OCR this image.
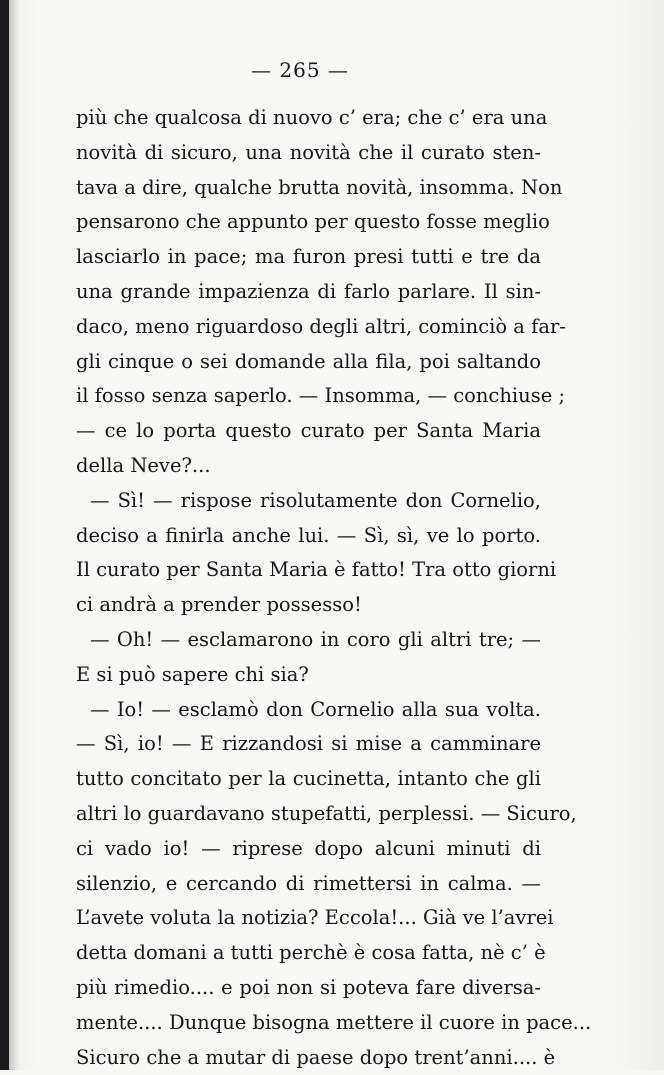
— 265 —
più che qualcosa di nuovo c’ era; che c’ era una
novità di sicuro, una novità che il curato sten-
tava a dire, qualche brutta novità, insomma. Non
pensarono che appunto per questo fosse meglio
lasciarlo in pace; ma furon presi tutti e tre da
una grande impazienza di farlo parlare. Il sin-
daco, meno riguardoso degli altri, cominciò a far-
gli cinque o sei domande alla fila, poi saltando
il fosso senza saperlo. — Insomma, — conchiuse ;
— ce lo porta questo curato per Santa Maria
della Neve?...
— Sì! — rispose risolutamente don Cornelio,
deciso a finirla anche lui. — Sì, sì, ve lo porto.
Il curato per Santa Maria è fatto! Tra otto giorni
ci andrà a prender possesso!
— Oh! — esclamarono in coro gli altri tre; —
E si può sapere chi sia?
— Io! — esclamò don Cornelio alla sua volta.
— Sì, io! — E rizzandosi si mise a camminare
tutto concitato per la cucinetta, intanto che gli
altri lo guardavano stupefatti, perplessi. — Sicuro,
ci vado io! — riprese dopo alcuni minuti di
silenzio, e cercando di rimettersi in calma. —
L’avete voluta la notizia? Eccola!... Già ve l’avrei
detta domani a tutti perchè è cosa fatta, nè c’ è
più rimedio.... e poi non si poteva fare diversa-
mente.... Dunque bisogna mettere il cuore in pace...
Sicuro che a mutar di paese dopo trent’anni.... è
